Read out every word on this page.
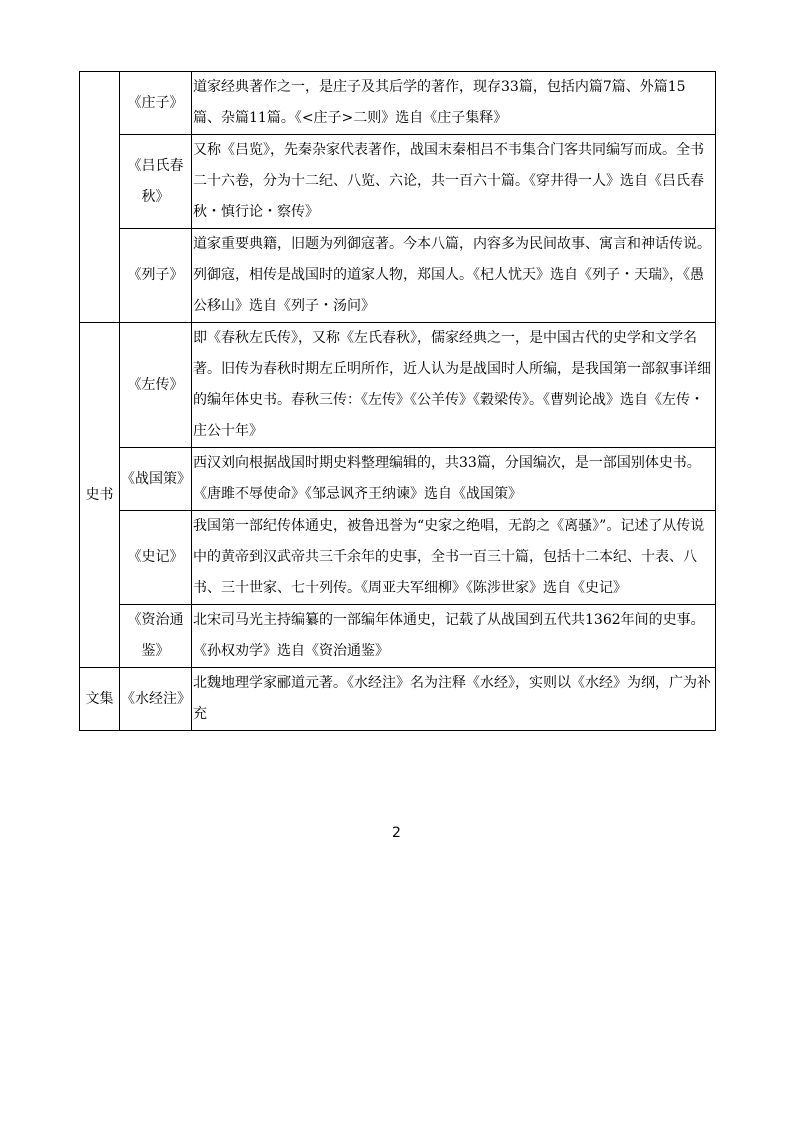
	《庄子》	道家经典著作之一，是庄子及其后学的著作，现存33篇，包括内篇7篇、外篇15 篇、杂篇11篇。《<庄子>二则》选自《庄子集释》
	《吕氏春秋》	又称《吕览》，先秦杂家代表著作，战国末秦相吕不韦集合门客共同编写而成。全书二十六卷，分为十二纪、八览、六论，共一百六十篇。《穿井得一人》选自《吕氏春秋・慎行论・察传》
	《列子》	道家重要典籍，旧题为列御寇著。今本八篇，内容多为民间故事、寓言和神话传说。列御寇，相传是战国时的道家人物，郑国人。《杞人忧天》选自《列子・天瑞》，《愚公移山》选自《列子・汤问》
史书	《左传》	即《春秋左氏传》，又称《左氏春秋》，儒家经典之一，是中国古代的史学和文学名著。旧传为春秋时期左丘明所作，近人认为是战国时人所编，是我国第一部叙事详细的编年体史书。春秋三传：《左传》《公羊传》《穀梁传》。《曹刿论战》选自《左传・庄公十年》
	《战国策》	西汉刘向根据战国时期史料整理编辑的，共33篇，分国编次，是一部国别体史书。《唐雎不辱使命》《邹忌讽齐王纳谏》选自《战国策》
	《史记》	我国第一部纪传体通史，被鲁迅誉为“史家之绝唱，无韵之《离骚》”。记述了从传说中的黄帝到汉武帝共三千余年的史事，全书一百三十篇，包括十二本纪、十表、八书、三十世家、七十列传。《周亚夫军细柳》《陈涉世家》选自《史记》
	《资治通鉴》	北宋司马光主持编纂的一部编年体通史，记载了从战国到五代共1362年间的史事。《孙权劝学》选自《资治通鉴》
文集	《水经注》	北魏地理学家郦道元著。《水经注》名为注释《水经》，实则以《水经》为纲，广为补充
2
